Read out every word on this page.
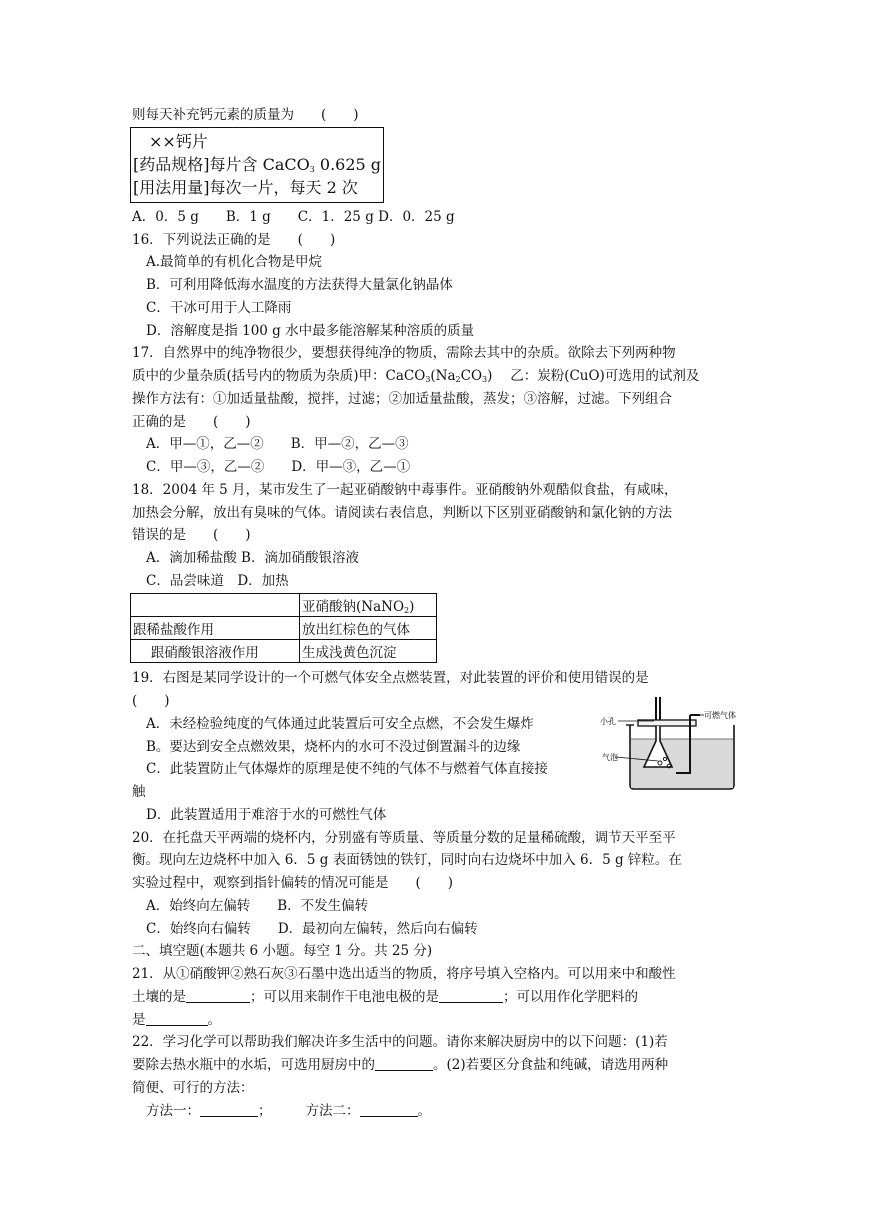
则每天补充钙元素的质量为　　(　　)
　××钙片
[药品规格]每片含 CaCO$_3$ 0.625 g
[用法用量]每次一片，每天 2 次
A．0．5 g　　B．1 g　　C．1．25 g D．0．25 g
16．下列说法正确的是　　(　　)
A.最简单的有机化合物是甲烷
B．可利用降低海水温度的方法获得大量氯化钠晶体
C．干冰可用于人工降雨
D．溶解度是指 100 g 水中最多能溶解某种溶质的质量
17．自然界中的纯净物很少，要想获得纯净的物质，需除去其中的杂质。欲除去下列两种物
质中的少量杂质(括号内的物质为杂质)甲：$CaCO_3(Na_2CO_3)$　 乙：炭粉(CuO)可选用的试剂及
操作方法有：①加适量盐酸，搅拌，过滤；②加适量盐酸，蒸发；③溶解，过滤。下列组合
正确的是　　(　　)
A．甲—①，乙—②　　B．甲—②，乙—③
C．甲—③，乙—②　　D．甲—③，乙—①
18．2004 年 5 月，某市发生了一起亚硝酸钠中毒事件。亚硝酸钠外观酷似食盐，有咸味，
加热会分解，放出有臭味的气体。请阅读右表信息，判断以下区别亚硝酸钠和氯化钠的方法
错误的是　　(　　)
A．滴加稀盐酸 B．滴加硝酸银溶液
C．品尝味道　D．加热
	亚硝酸钠(NaNO$_2$)
跟稀盐酸作用	放出红棕色的气体
　 跟硝酸银溶液作用	生成浅黄色沉淀
19．右图是某同学设计的一个可燃气体安全点燃装置，对此装置的评价和使用错误的是
(　　)
A．未经检验纯度的气体通过此装置后可安全点燃，不会发生爆炸
B。要达到安全点燃效果，烧杯内的水可不没过倒置漏斗的边缘
C．此装置防止气体爆炸的原理是使不纯的气体不与燃着气体直接接
触
D．此装置适用于难溶于水的可燃性气体
小孔
可燃气体
气泡
20．在托盘天平两端的烧杯内，分别盛有等质量、等质量分数的足量稀硫酸，调节天平至平
衡。现向左边烧杯中加入 6．5 g 表面锈蚀的铁钉，同时向右边烧坏中加入 6．5 g 锌粒。在
实验过程中，观察到指针偏转的情况可能是　　(　　)
A．始终向左偏转　　B．不发生偏转
C．始终向右偏转　　D．最初向左偏转，然后向右偏转
二、填空题(本题共 6 小题。每空 1 分。共 25 分)
21．从①硝酸钾②熟石灰③石墨中选出适当的物质，将序号填入空格内。可以用来中和酸性
土壤的是	；可以用来制作干电池电极的是	；可以用作化学肥料的
是	。
22．学习化学可以帮助我们解决许多生活中的问题。请你来解决厨房中的以下问题：(1)若
要除去热水瓶中的水垢，可选用厨房中的	。(2)若要区分食盐和纯碱，请选用两种
简便、可行的方法：
方法一：	；	方法二：	。
